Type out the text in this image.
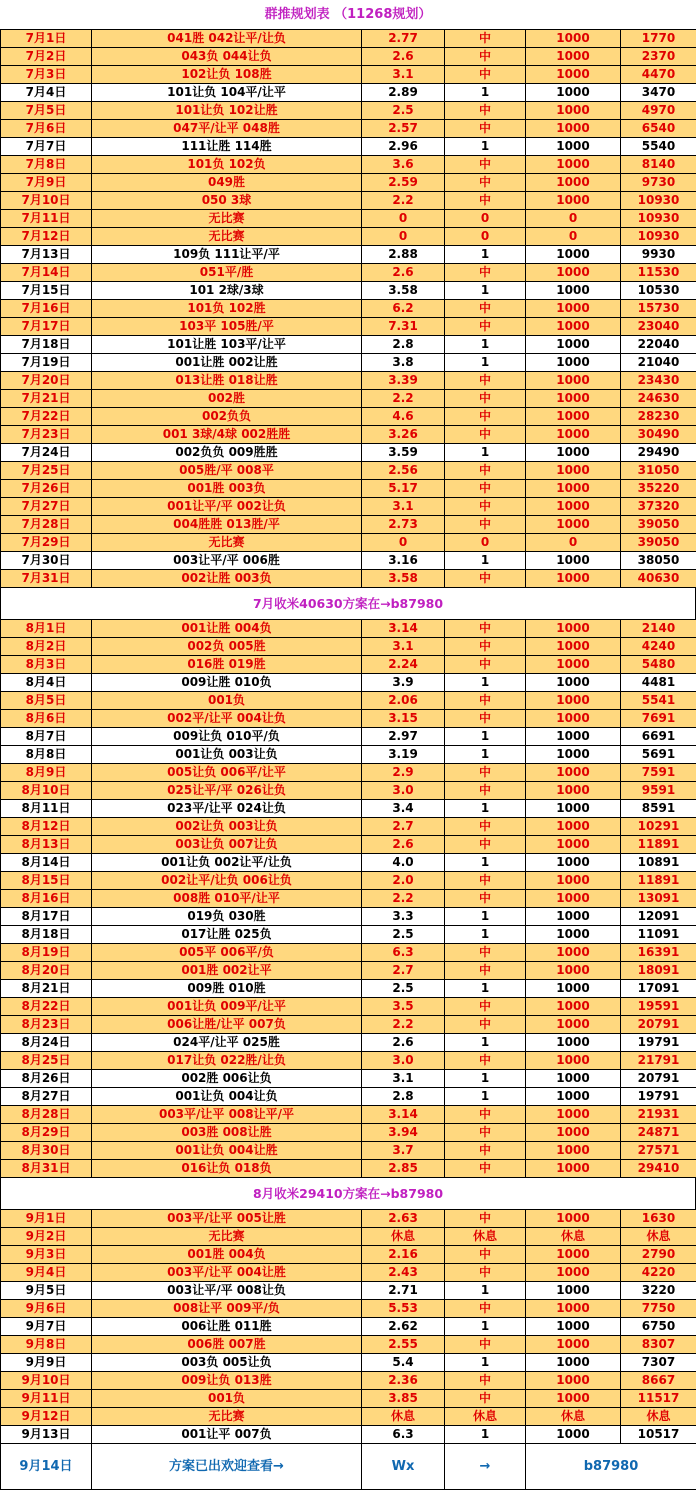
群推规划表 （11268规划）
7月1日	041胜 042让平/让负	2.77	中	1000	1770
7月2日	043负 044让负	2.6	中	1000	2370
7月3日	102让负 108胜	3.1	中	1000	4470
7月4日	101让负 104平/让平	2.89	1	1000	3470
7月5日	101让负 102让胜	2.5	中	1000	4970
7月6日	047平/让平 048胜	2.57	中	1000	6540
7月7日	111让胜 114胜	2.96	1	1000	5540
7月8日	101负 102负	3.6	中	1000	8140
7月9日	049胜	2.59	中	1000	9730
7月10日	050 3球	2.2	中	1000	10930
7月11日	无比赛	0	0	0	10930
7月12日	无比赛	0	0	0	10930
7月13日	109负 111让平/平	2.88	1	1000	9930
7月14日	051平/胜	2.6	中	1000	11530
7月15日	101 2球/3球	3.58	1	1000	10530
7月16日	101负 102胜	6.2	中	1000	15730
7月17日	103平 105胜/平	7.31	中	1000	23040
7月18日	101让胜 103平/让平	2.8	1	1000	22040
7月19日	001让胜 002让胜	3.8	1	1000	21040
7月20日	013让胜 018让胜	3.39	中	1000	23430
7月21日	002胜	2.2	中	1000	24630
7月22日	002负负	4.6	中	1000	28230
7月23日	001 3球/4球 002胜胜	3.26	中	1000	30490
7月24日	002负负 009胜胜	3.59	1	1000	29490
7月25日	005胜/平 008平	2.56	中	1000	31050
7月26日	001胜 003负	5.17	中	1000	35220
7月27日	001让平/平 002让负	3.1	中	1000	37320
7月28日	004胜胜 013胜/平	2.73	中	1000	39050
7月29日	无比赛	0	0	0	39050
7月30日	003让平/平 006胜	3.16	1	1000	38050
7月31日	002让胜 003负	3.58	中	1000	40630
7月收米40630方案在→b87980
8月1日	001让胜 004负	3.14	中	1000	2140
8月2日	002负 005胜	3.1	中	1000	4240
8月3日	016胜 019胜	2.24	中	1000	5480
8月4日	009让胜 010负	3.9	1	1000	4481
8月5日	001负	2.06	中	1000	5541
8月6日	002平/让平 004让负	3.15	中	1000	7691
8月7日	009让负 010平/负	2.97	1	1000	6691
8月8日	001让负 003让负	3.19	1	1000	5691
8月9日	005让负 006平/让平	2.9	中	1000	7591
8月10日	025让平/平 026让负	3.0	中	1000	9591
8月11日	023平/让平 024让负	3.4	1	1000	8591
8月12日	002让负 003让负	2.7	中	1000	10291
8月13日	003让负 007让负	2.6	中	1000	11891
8月14日	001让负 002让平/让负	4.0	1	1000	10891
8月15日	002让平/让负 006让负	2.0	中	1000	11891
8月16日	008胜 010平/让平	2.2	中	1000	13091
8月17日	019负 030胜	3.3	1	1000	12091
8月18日	017让胜 025负	2.5	1	1000	11091
8月19日	005平 006平/负	6.3	中	1000	16391
8月20日	001胜 002让平	2.7	中	1000	18091
8月21日	009胜 010胜	2.5	1	1000	17091
8月22日	001让负 009平/让平	3.5	中	1000	19591
8月23日	006让胜/让平 007负	2.2	中	1000	20791
8月24日	024平/让平 025胜	2.6	1	1000	19791
8月25日	017让负 022胜/让负	3.0	中	1000	21791
8月26日	002胜 006让负	3.1	1	1000	20791
8月27日	001让负 004让负	2.8	1	1000	19791
8月28日	003平/让平 008让平/平	3.14	中	1000	21931
8月29日	003胜 008让胜	3.94	中	1000	24871
8月30日	001让负 004让胜	3.7	中	1000	27571
8月31日	016让负 018负	2.85	中	1000	29410
8月收米29410方案在→b87980
9月1日	003平/让平 005让胜	2.63	中	1000	1630
9月2日	无比赛	休息	休息	休息	休息
9月3日	001胜 004负	2.16	中	1000	2790
9月4日	003平/让平 004让胜	2.43	中	1000	4220
9月5日	003让平/平 008让负	2.71	1	1000	3220
9月6日	008让平 009平/负	5.53	中	1000	7750
9月7日	006让胜 011胜	2.62	1	1000	6750
9月8日	006胜 007胜	2.55	中	1000	8307
9月9日	003负 005让负	5.4	1	1000	7307
9月10日	009让负 013胜	2.36	中	1000	8667
9月11日	001负	3.85	中	1000	11517
9月12日	无比赛	休息	休息	休息	休息
9月13日	001让平 007负	6.3	1	1000	10517
9月14日	方案已出欢迎查看→	Wx	→	b87980	
